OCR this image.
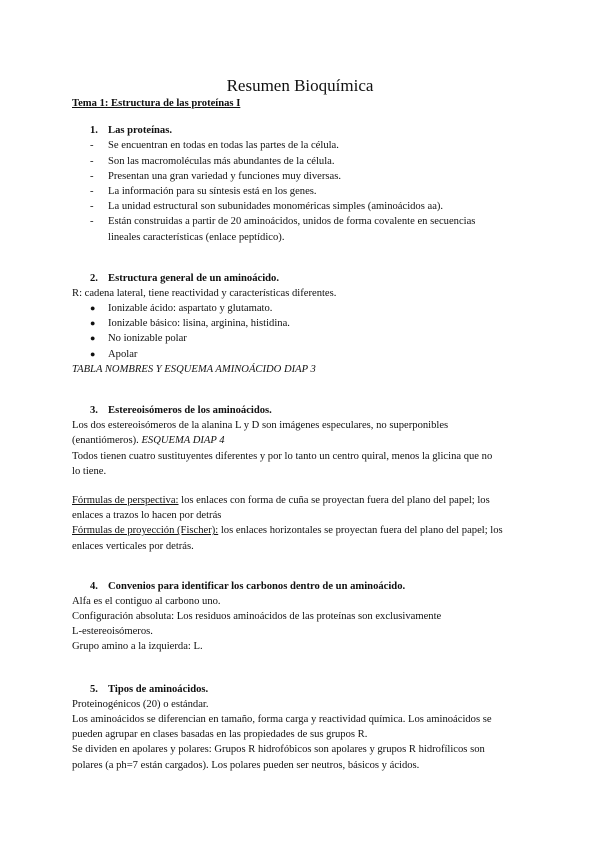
Resumen Bioquímica
Tema 1: Estructura de las proteínas I
1. Las proteínas.
- Se encuentran en todas en todas las partes de la célula.
- Son las macromoléculas más abundantes de la célula.
- Presentan una gran variedad y funciones muy diversas.
- La información para su síntesis está en los genes.
- La unidad estructural son subunidades monoméricas simples (aminoácidos aa).
- Están construidas a partir de 20 aminoácidos, unidos de forma covalente en secuencias
lineales características (enlace peptídico).
2. Estructura general de un aminoácido.
R: cadena lateral, tiene reactividad y características diferentes.
● Ionizable ácido: aspartato y glutamato.
● Ionizable básico: lisina, arginina, histidina.
● No ionizable polar
● Apolar
TABLA NOMBRES Y ESQUEMA AMINOÁCIDO DIAP 3
3. Estereoisómeros de los aminoácidos.
Los dos estereoisómeros de la alanina L y D son imágenes especulares, no superponibles
(enantiómeros). ESQUEMA DIAP 4
Todos tienen cuatro sustituyentes diferentes y por lo tanto un centro quiral, menos la glicina que no
lo tiene.
Fórmulas de perspectiva: los enlaces con forma de cuña se proyectan fuera del plano del papel; los
enlaces a trazos lo hacen por detrás
Fórmulas de proyección (Fischer): los enlaces horizontales se proyectan fuera del plano del papel; los
enlaces verticales por detrás.
4. Convenios para identificar los carbonos dentro de un aminoácido.
Alfa es el contiguo al carbono uno.
Configuración absoluta: Los residuos aminoácidos de las proteínas son exclusivamente
L-estereoisómeros.
Grupo amino a la izquierda: L.
5. Tipos de aminoácidos.
Proteinogénicos (20) o estándar.
Los aminoácidos se diferencian en tamaño, forma carga y reactividad química. Los aminoácidos se
pueden agrupar en clases basadas en las propiedades de sus grupos R.
Se dividen en apolares y polares: Grupos R hidrofóbicos son apolares y grupos R hidrofílicos son
polares (a ph=7 están cargados). Los polares pueden ser neutros, básicos y ácidos.
